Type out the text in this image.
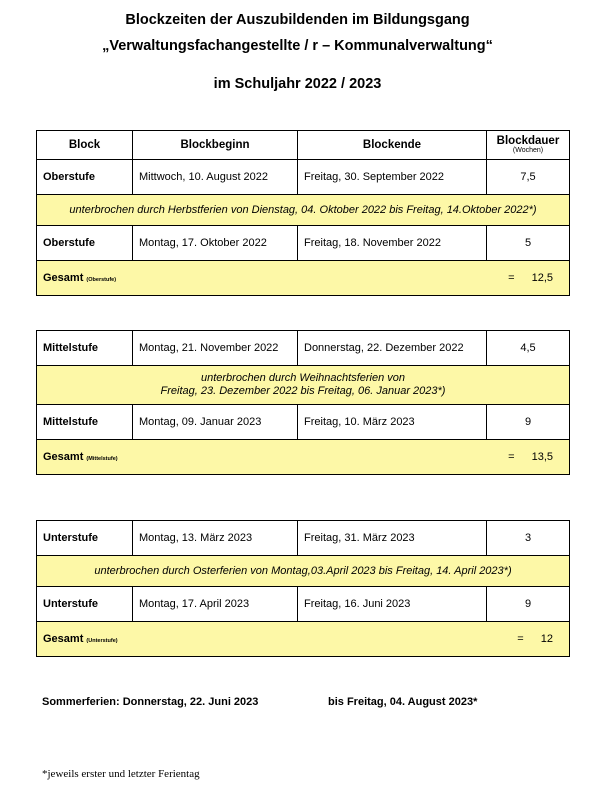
Blockzeiten der Auszubildenden im Bildungsgang
„Verwaltungsfachangestellte / r – Kommunalverwaltung“
im Schuljahr 2022 / 2023
Block	Blockbeginn	Blockende	Blockdauer
(Wochen)

Oberstufe	Mittwoch, 10. August 2022	Freitag, 30. September 2022	7,5
unterbrochen durch Herbstferien von Dienstag, 04. Oktober 2022 bis Freitag, 14.Oktober 2022*)			
Oberstufe	Montag, 17. Oktober 2022	Freitag, 18. November 2022	5
Gesamt (Oberstufe) = 12,5			
Mittelstufe	Montag, 21. November 2022	Donnerstag, 22. Dezember 2022	4,5
unterbrochen durch Weihnachtsferien von
Freitag, 23. Dezember 2022 bis Freitag, 06. Januar 2023*)			
Mittelstufe	Montag, 09. Januar 2023	Freitag, 10. März 2023	9
Gesamt (Mittelstufe) = 13,5			
Unterstufe	Montag, 13. März 2023	Freitag, 31. März 2023	3
unterbrochen durch Osterferien von Montag,03.April 2023 bis Freitag, 14. April 2023*)			
Unterstufe	Montag, 17. April 2023	Freitag, 16. Juni 2023	9
Gesamt (Unterstufe) = 12			
Sommerferien: Donnerstag, 22. Juni 2023	bis Freitag, 04. August 2023*
*jeweils erster und letzter Ferientag
